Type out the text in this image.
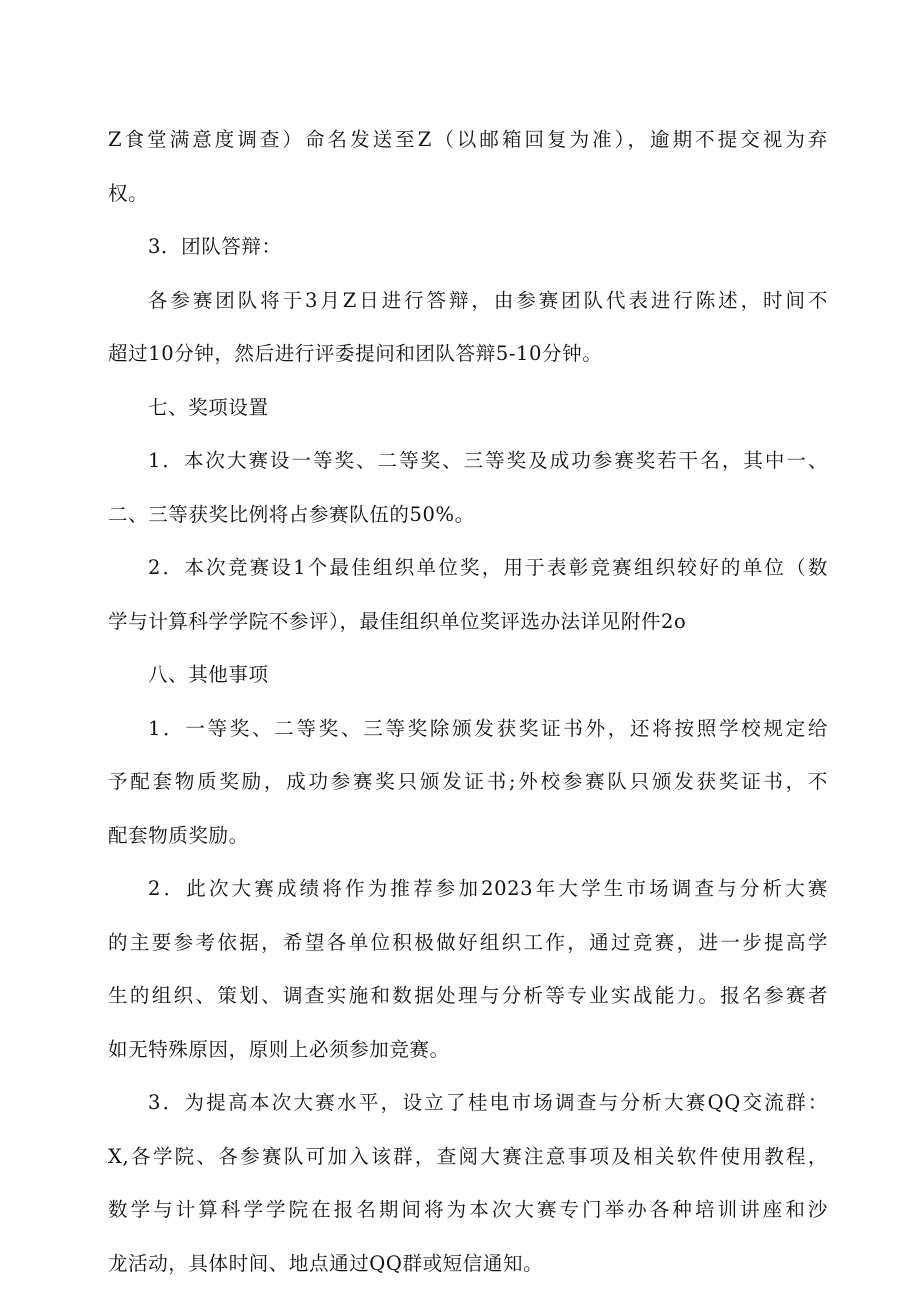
Z食堂满意度调查）命名发送至Z（以邮箱回复为准），逾期不提交视为弃
权。
3．团队答辩：
各参赛团队将于3月Z日进行答辩，由参赛团队代表进行陈述，时间不
超过10分钟，然后进行评委提问和团队答辩5-10分钟。
七、奖项设置
1．本次大赛设一等奖、二等奖、三等奖及成功参赛奖若干名，其中一、
二、三等获奖比例将占参赛队伍的50%。
2．本次竞赛设1个最佳组织单位奖，用于表彰竞赛组织较好的单位（数
学与计算科学学院不参评），最佳组织单位奖评选办法详见附件2o
八、其他事项
1．一等奖、二等奖、三等奖除颁发获奖证书外，还将按照学校规定给
予配套物质奖励，成功参赛奖只颁发证书;外校参赛队只颁发获奖证书，不
配套物质奖励。
2．此次大赛成绩将作为推荐参加2023年大学生市场调查与分析大赛
的主要参考依据，希望各单位积极做好组织工作，通过竞赛，进一步提高学
生的组织、策划、调查实施和数据处理与分析等专业实战能力。报名参赛者
如无特殊原因，原则上必须参加竞赛。
3．为提高本次大赛水平，设立了桂电市场调查与分析大赛QQ交流群：
X,各学院、各参赛队可加入该群，查阅大赛注意事项及相关软件使用教程，
数学与计算科学学院在报名期间将为本次大赛专门举办各种培训讲座和沙
龙活动，具体时间、地点通过QQ群或短信通知。
